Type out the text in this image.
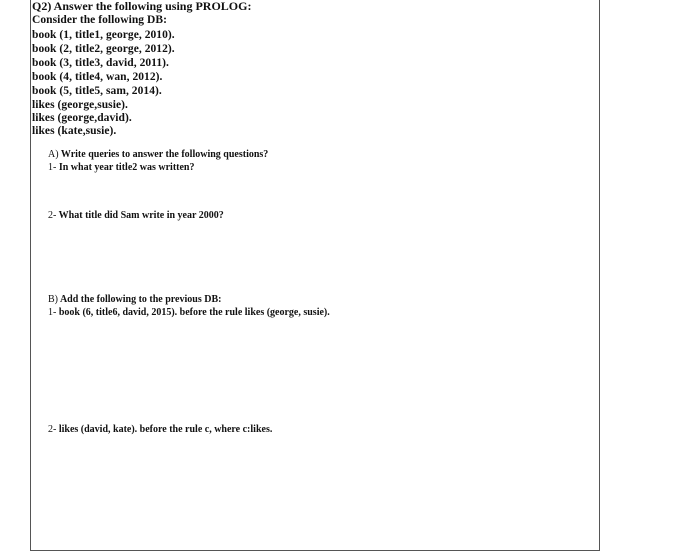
Q2) Answer the following using PROLOG:
Consider the following DB:
book (1, title1, george, 2010).
book (2, title2, george, 2012).
book (3, title3, david, 2011).
book (4, title4, wan, 2012).
book (5, title5, sam, 2014).
likes (george,susie).
likes (george,david).
likes (kate,susie).
A) Write queries to answer the following questions?
1- In what year title2 was written?
2- What title did Sam write in year 2000?
B) Add the following to the previous DB:
1- book (6, title6, david, 2015). before the rule likes (george, susie).
2- likes (david, kate). before the rule c, where c:likes.
